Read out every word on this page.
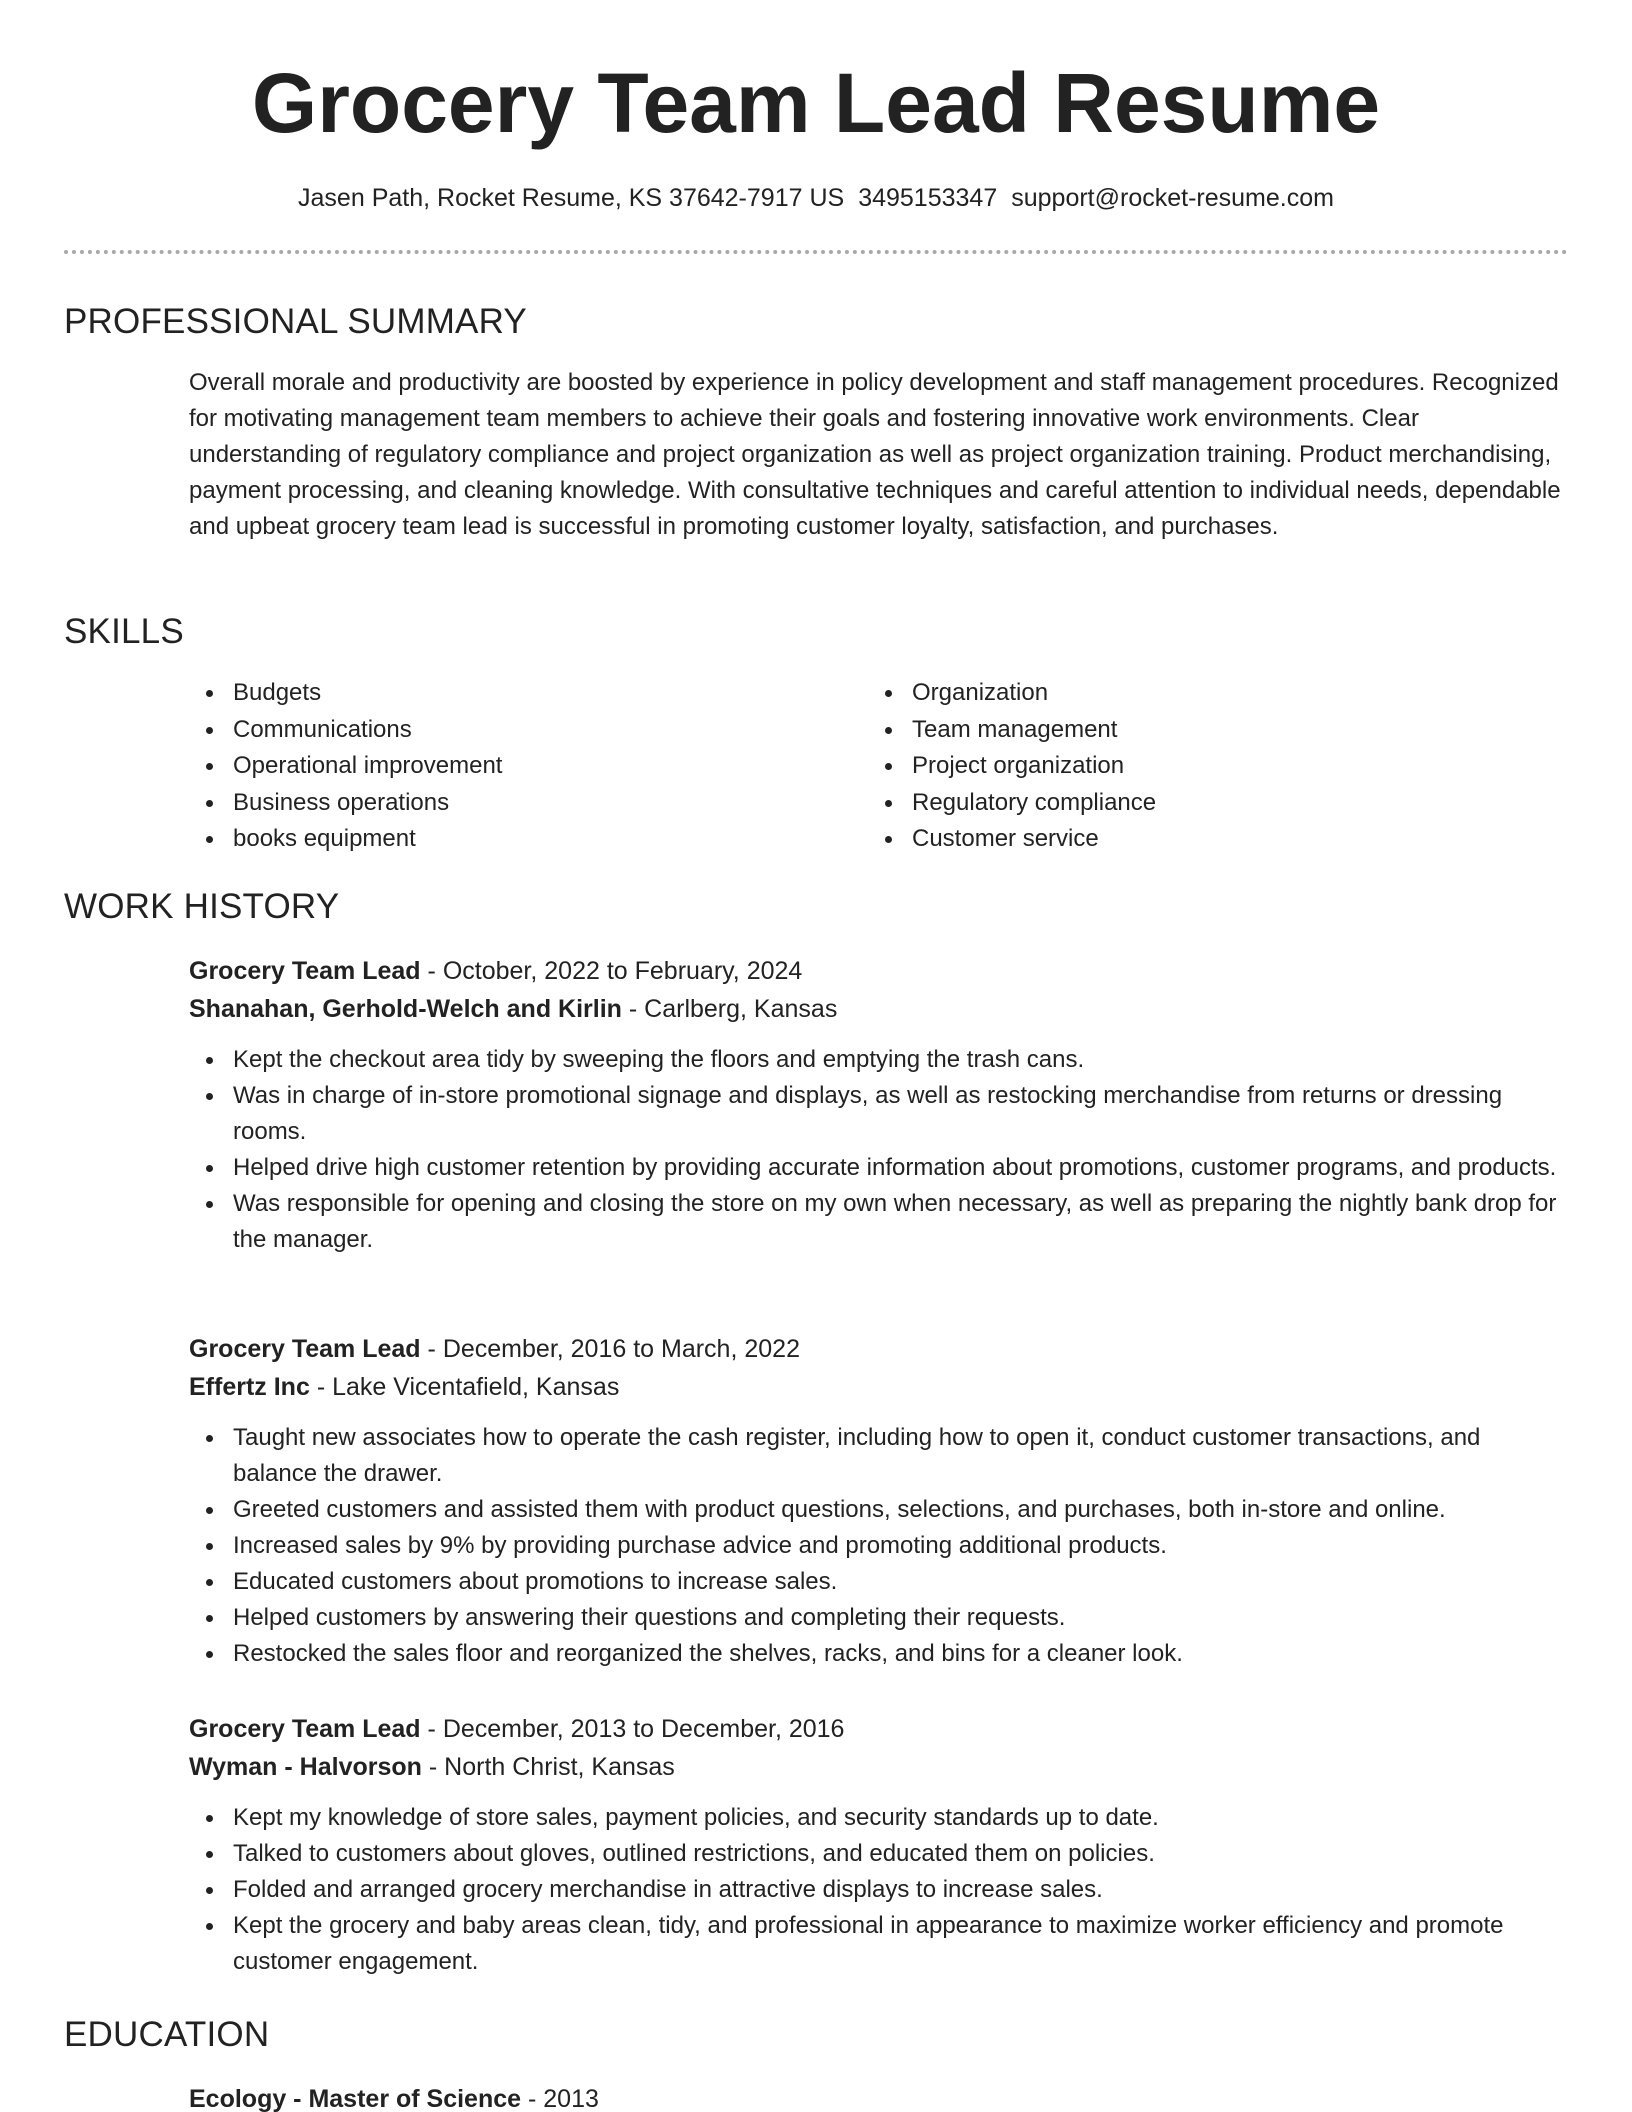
Grocery Team Lead Resume
Jasen Path, Rocket Resume, KS 37642-7917 US 3495153347 support@rocket-resume.com
PROFESSIONAL SUMMARY

Overall morale and productivity are boosted by experience in policy development and staff management procedures. Recognized for motivating management team members to achieve their goals and fostering innovative work environments. Clear understanding of regulatory compliance and project organization as well as project organization training. Product merchandising, payment processing, and cleaning knowledge. With consultative techniques and careful attention to individual needs, dependable and upbeat grocery team lead is successful in promoting customer loyalty, satisfaction, and purchases.

SKILLS
Budgets
Communications
Operational improvement
Business operations
books equipment
Organization
Team management
Project organization
Regulatory compliance
Customer service
WORK HISTORY
Grocery Team Lead - October, 2022 to February, 2024
Shanahan, Gerhold-Welch and Kirlin - Carlberg, Kansas
Kept the checkout area tidy by sweeping the floors and emptying the trash cans.
Was in charge of in-store promotional signage and displays, as well as restocking merchandise from returns or dressing rooms.
Helped drive high customer retention by providing accurate information about promotions, customer programs, and products.
Was responsible for opening and closing the store on my own when necessary, as well as preparing the nightly bank drop for the manager.
Grocery Team Lead - December, 2016 to March, 2022
Effertz Inc - Lake Vicentafield, Kansas
Taught new associates how to operate the cash register, including how to open it, conduct customer transactions, and balance the drawer.
Greeted customers and assisted them with product questions, selections, and purchases, both in-store and online.
Increased sales by 9% by providing purchase advice and promoting additional products.
Educated customers about promotions to increase sales.
Helped customers by answering their questions and completing their requests.
Restocked the sales floor and reorganized the shelves, racks, and bins for a cleaner look.
Grocery Team Lead - December, 2013 to December, 2016
Wyman - Halvorson - North Christ, Kansas
Kept my knowledge of store sales, payment policies, and security standards up to date.
Talked to customers about gloves, outlined restrictions, and educated them on policies.
Folded and arranged grocery merchandise in attractive displays to increase sales.
Kept the grocery and baby areas clean, tidy, and professional in appearance to maximize worker efficiency and promote customer engagement.
EDUCATION
Ecology - Master of Science - 2013
